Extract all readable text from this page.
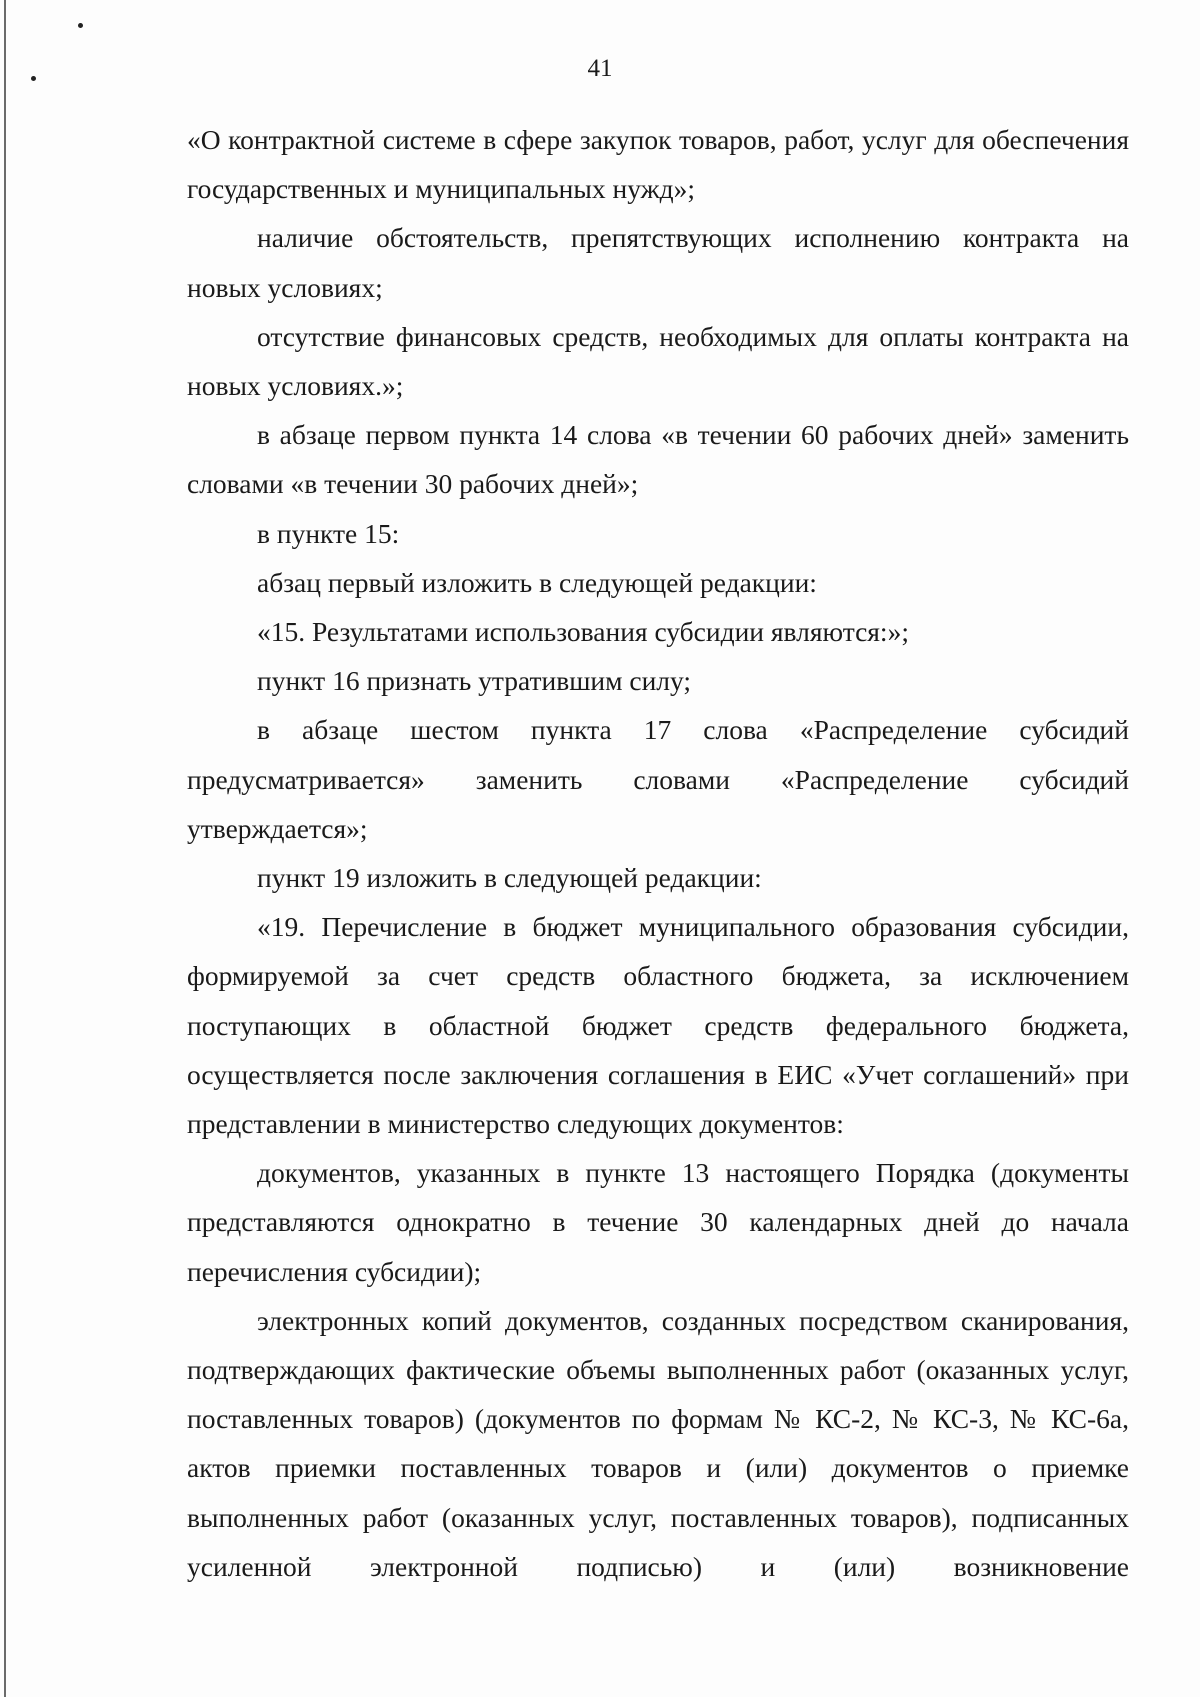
41

«О контрактной системе в сфере закупок товаров, работ, услуг для обеспечения государственных и муниципальных нужд»;

наличие обстоятельств, препятствующих исполнению контракта на новых условиях;

отсутствие финансовых средств, необходимых для оплаты контракта на новых условиях.»;

в абзаце первом пункта 14 слова «в течении 60 рабочих дней» заменить словами «в течении 30 рабочих дней»;

в пункте 15:

абзац первый изложить в следующей редакции:

«15. Результатами использования субсидии являются:»;

пункт 16 признать утратившим силу;

в абзаце шестом пункта 17 слова «Распределение субсидий предусматривается» заменить словами «Распределение субсидий утверждается»;

пункт 19 изложить в следующей редакции:

«19. Перечисление в бюджет муниципального образования субсидии, формируемой за счет средств областного бюджета, за исключением поступающих в областной бюджет средств федерального бюджета, осуществляется после заключения соглашения в ЕИС «Учет соглашений» при представлении в министерство следующих документов:

документов, указанных в пункте 13 настоящего Порядка (документы представляются однократно в течение 30 календарных дней до начала перечисления субсидии);

электронных копий документов, созданных посредством сканирования, подтверждающих фактические объемы выполненных работ (оказанных услуг, поставленных товаров) (документов по формам № КС-2, № КС-3, № КС-6а, актов приемки поставленных товаров и (или) документов о приемке выполненных работ (оказанных услуг, поставленных товаров), подписанных усиленной электронной подписью) и (или) возникновение
